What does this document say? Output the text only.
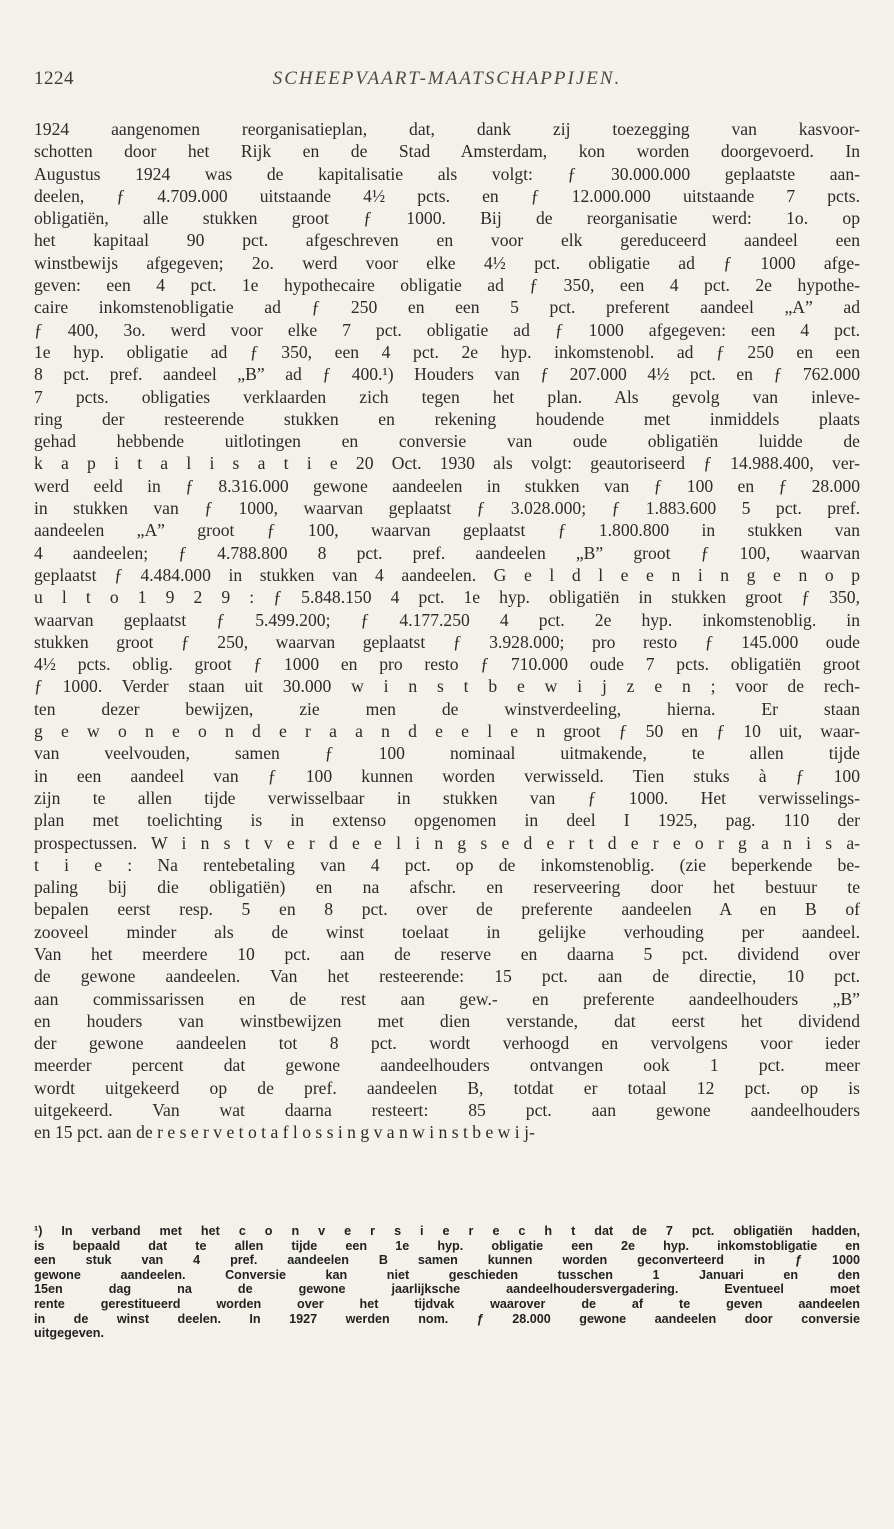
1224	SCHEEPVAART-MAATSCHAPPIJEN.
1924 aangenomen reorganisatieplan, dat, dank zij toezegging van kasvoor-
schotten door het Rijk en de Stad Amsterdam, kon worden doorgevoerd. In
Augustus 1924 was de kapitalisatie als volgt: ƒ 30.000.000 geplaatste aan-
deelen, ƒ 4.709.000 uitstaande 4½ pcts. en ƒ 12.000.000 uitstaande 7 pcts.
obligatiën, alle stukken groot ƒ 1000. Bij de reorganisatie werd: 1o. op
het kapitaal 90 pct. afgeschreven en voor elk gereduceerd aandeel een
winstbewijs afgegeven; 2o. werd voor elke 4½ pct. obligatie ad ƒ 1000 afge-
geven: een 4 pct. 1e hypothecaire obligatie ad ƒ 350, een 4 pct. 2e hypothe-
caire inkomstenobligatie ad ƒ 250 en een 5 pct. preferent aandeel „A” ad
ƒ 400, 3o. werd voor elke 7 pct. obligatie ad ƒ 1000 afgegeven: een 4 pct.
1e hyp. obligatie ad ƒ 350, een 4 pct. 2e hyp. inkomstenobl. ad ƒ 250 en een
8 pct. pref. aandeel „B” ad ƒ 400.¹) Houders van ƒ 207.000 4½ pct. en ƒ 762.000
7 pcts. obligaties verklaarden zich tegen het plan. Als gevolg van inleve-
ring der resteerende stukken en rekening houdende met inmiddels plaats
gehad hebbende uitlotingen en conversie van oude obligatiën luidde de
k a p i t a l i s a t i e 20 Oct. 1930 als volgt: geautoriseerd ƒ 14.988.400, ver-
werd eeld in ƒ 8.316.000 gewone aandeelen in stukken van ƒ 100 en ƒ 28.000
in stukken van ƒ 1000, waarvan geplaatst ƒ 3.028.000; ƒ 1.883.600 5 pct. pref.
aandeelen „A” groot ƒ 100, waarvan geplaatst ƒ 1.800.800 in stukken van
4 aandeelen; ƒ 4.788.800 8 pct. pref. aandeelen „B” groot ƒ 100, waarvan
geplaatst ƒ 4.484.000 in stukken van 4 aandeelen. G e l d l e e n i n g e n o p
u l t o 1 9 2 9 : ƒ 5.848.150 4 pct. 1e hyp. obligatiën in stukken groot ƒ 350,
waarvan geplaatst ƒ 5.499.200; ƒ 4.177.250 4 pct. 2e hyp. inkomstenoblig. in
stukken groot ƒ 250, waarvan geplaatst ƒ 3.928.000; pro resto ƒ 145.000 oude
4½ pcts. oblig. groot ƒ 1000 en pro resto ƒ 710.000 oude 7 pcts. obligatiën groot
ƒ 1000. Verder staan uit 30.000 w i n s t b e w i j z e n ; voor de rech-
ten dezer bewijzen, zie men de winstverdeeling, hierna. Er staan
g e w o n e o n d e r a a n d e e l e n groot ƒ 50 en ƒ 10 uit, waar-
van veelvouden, samen ƒ 100 nominaal uitmakende, te allen tijde
in een aandeel van ƒ 100 kunnen worden verwisseld. Tien stuks à ƒ 100
zijn te allen tijde verwisselbaar in stukken van ƒ 1000. Het verwisselings-
plan met toelichting is in extenso opgenomen in deel I 1925, pag. 110 der
prospectussen. W i n s t v e r d e e l i n g s e d e r t d e r e o r g a n i s a-
t i e : Na rentebetaling van 4 pct. op de inkomstenoblig. (zie beperkende be-
paling bij die obligatiën) en na afschr. en reserveering door het bestuur te
bepalen eerst resp. 5 en 8 pct. over de preferente aandeelen A en B of
zooveel minder als de winst toelaat in gelijke verhouding per aandeel.
Van het meerdere 10 pct. aan de reserve en daarna 5 pct. dividend over
de gewone aandeelen. Van het resteerende: 15 pct. aan de directie, 10 pct.
aan commissarissen en de rest aan gew.- en preferente aandeelhouders „B”
en houders van winstbewijzen met dien verstande, dat eerst het dividend
der gewone aandeelen tot 8 pct. wordt verhoogd en vervolgens voor ieder
meerder percent dat gewone aandeelhouders ontvangen ook 1 pct. meer
wordt uitgekeerd op de pref. aandeelen B, totdat er totaal 12 pct. op is
uitgekeerd. Van wat daarna resteert: 85 pct. aan gewone aandeelhouders
en 15 pct. aan de r e s e r v e t o t a f l o s s i n g v a n w i n s t b e w i j-
¹) In verband met het c o n v e r s i e r e c h t dat de 7 pct. obligatiën hadden,
is bepaald dat te allen tijde een 1e hyp. obligatie een 2e hyp. inkomstobligatie en
een stuk van 4 pref. aandeelen B samen kunnen worden geconverteerd in ƒ 1000
gewone aandeelen. Conversie kan niet geschieden tusschen 1 Januari en den
15en dag na de gewone jaarlijksche aandeelhoudersvergadering. Eventueel moet
rente gerestitueerd worden over het tijdvak waarover de af te geven aandeelen
in de winst deelen. In 1927 werden nom. ƒ 28.000 gewone aandeelen door conversie
uitgegeven.
